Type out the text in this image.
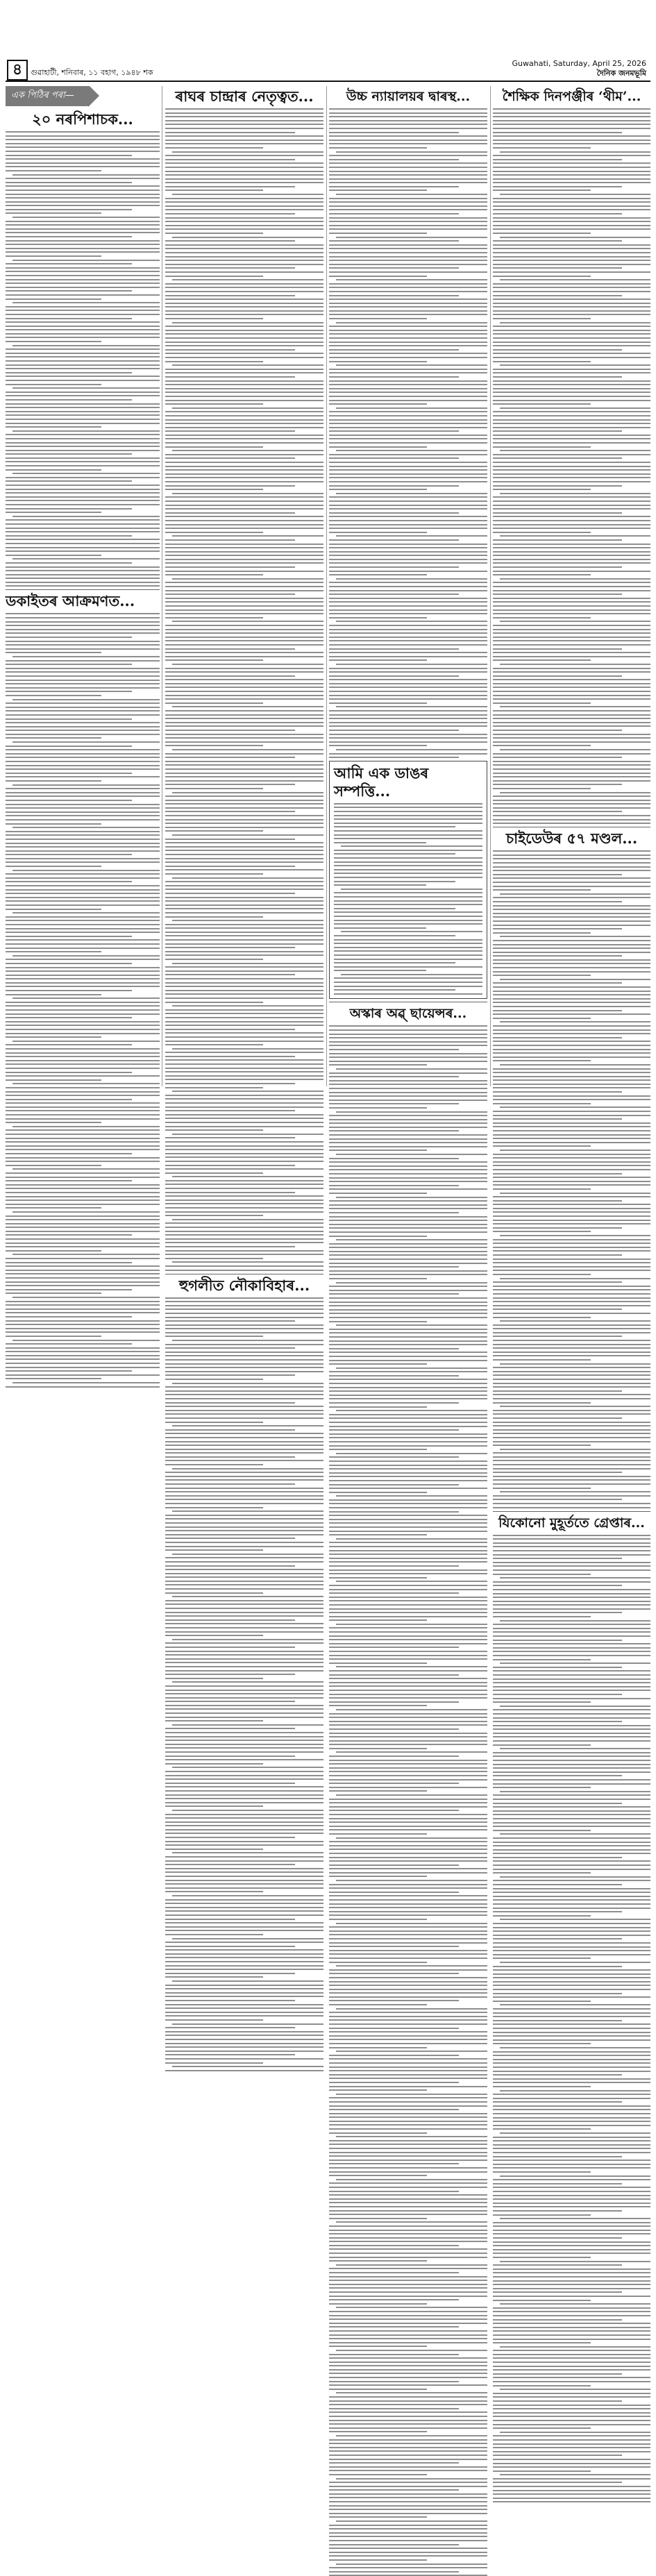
৪	গুৱাহাটী, শনিবাৰ, ১১ বহাগ, ১৯৪৮ শক
Guwahati, Saturday, April 25, 2026
দৈনিক জনমভূমি
এক পিঠিৰ পৰা—
২০ নৰপিশাচক...
ডকাইতৰ আক্ৰমণত...
ৰাঘৰ চান্দ্ৰাৰ নেতৃত্বত...
হুগলীত নৌকাবিহাৰ...
উচ্চ ন্যায়ালয়ৰ দ্বাৰস্থ...
আমি এক ডাঙৰ সম্পত্তি...
অস্কাৰ অৱ্ ছায়েন্সৰ...
শৈক্ষিক দিনপঞ্জীৰ ‘থীম’...
চাইডেউৰ ৫৭ মণ্ডল...
যিকোনো মুহূৰ্ততে গ্ৰেপ্তাৰ...
